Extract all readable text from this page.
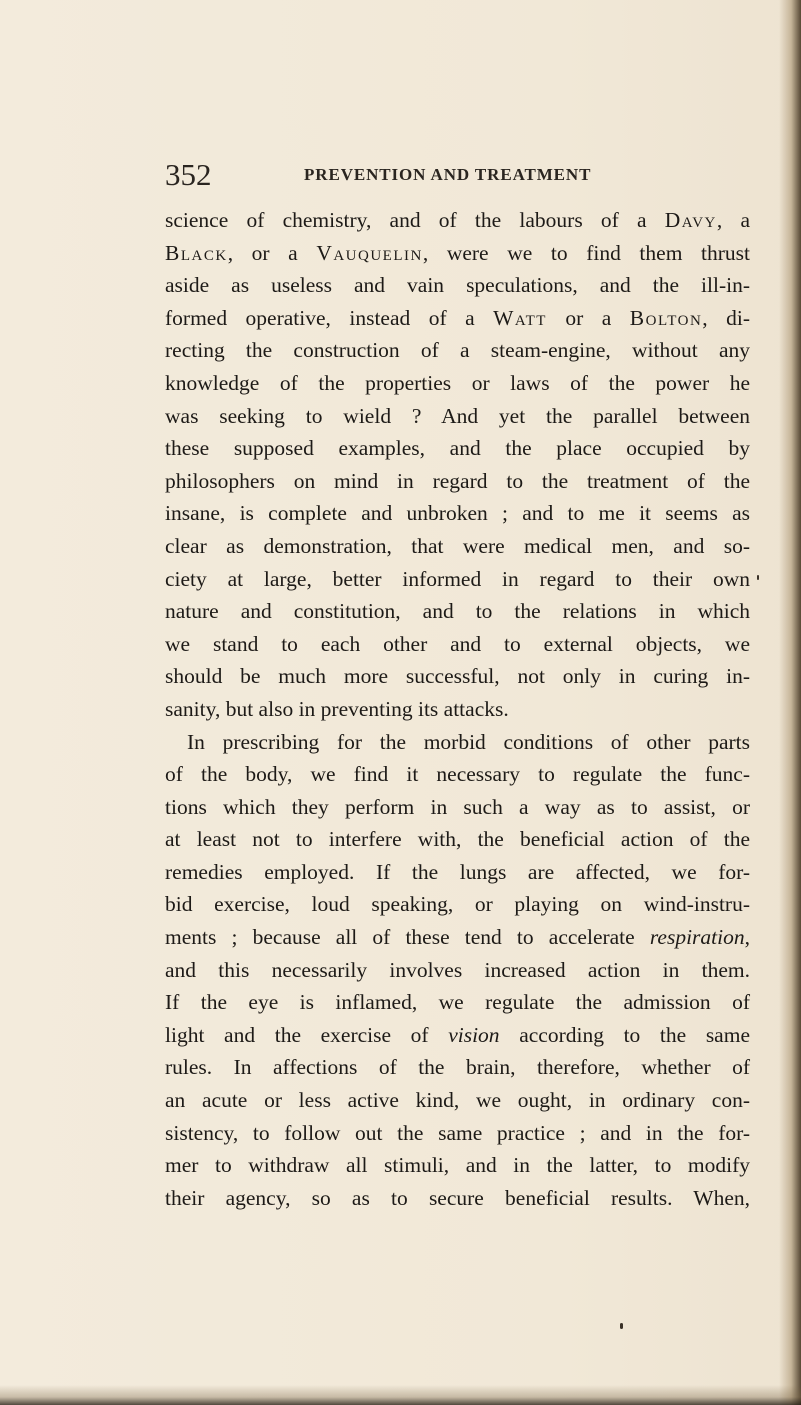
352	PREVENTION AND TREATMENT
science of chemistry, and of the labours of a Davy, a
Black, or a Vauquelin, were we to find them thrust
aside as useless and vain speculations, and the ill-in-
formed operative, instead of a Watt or a Bolton, di-
recting the construction of a steam-engine, without any
knowledge of the properties or laws of the power he
was seeking to wield ? And yet the parallel between
these supposed examples, and the place occupied by
philosophers on mind in regard to the treatment of the
insane, is complete and unbroken ; and to me it seems as
clear as demonstration, that were medical men, and so-
ciety at large, better informed in regard to their own
nature and constitution, and to the relations in which
we stand to each other and to external objects, we
should be much more successful, not only in curing in-
sanity, but also in preventing its attacks.
In prescribing for the morbid conditions of other parts
of the body, we find it necessary to regulate the func-
tions which they perform in such a way as to assist, or
at least not to interfere with, the beneficial action of the
remedies employed. If the lungs are affected, we for-
bid exercise, loud speaking, or playing on wind-instru-
ments ; because all of these tend to accelerate respiration,
and this necessarily involves increased action in them.
If the eye is inflamed, we regulate the admission of
light and the exercise of vision according to the same
rules. In affections of the brain, therefore, whether of
an acute or less active kind, we ought, in ordinary con-
sistency, to follow out the same practice ; and in the for-
mer to withdraw all stimuli, and in the latter, to modify
their agency, so as to secure beneficial results. When,
